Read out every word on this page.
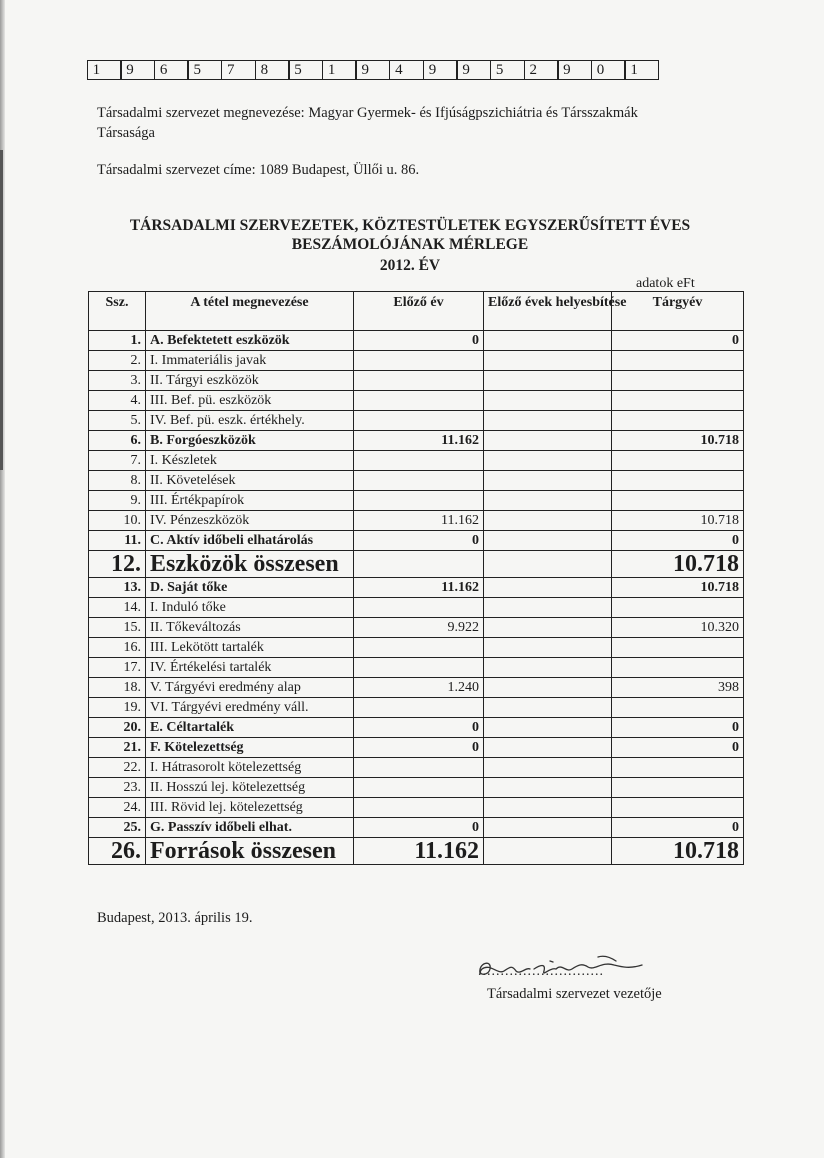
1	9	6	5	7	8	5	1	9	4	9	9	5	2	9	0	1
Társadalmi szervezet megnevezése: Magyar Gyermek- és Ifjúságpszichiátria és Társszakmák
Társasága
Társadalmi szervezet címe: 1089 Budapest, Üllői u. 86.
TÁRSADALMI SZERVEZETEK, KÖZTESTÜLETEK EGYSZERŰSÍTETT ÉVES
BESZÁMOLÓJÁNAK MÉRLEGE
2012. ÉV
adatok eFt
Ssz.	A tétel megnevezése	Előző év	Előző évek helyesbítése	Tárgyév
1.	A. Befektetett eszközök	0		0
2.	I. Immateriális javak			
3.	II. Tárgyi eszközök			
4.	III. Bef. pü. eszközök			
5.	IV. Bef. pü. eszk. értékhely.			
6.	B. Forgóeszközök	11.162		10.718
7.	I. Készletek			
8.	II. Követelések			
9.	III. Értékpapírok			
10.	IV. Pénzeszközök	11.162		10.718
11.	C. Aktív időbeli elhatárolás	0		0
12.	Eszközök összesen			10.718
13.	D. Saját tőke	11.162		10.718
14.	I. Induló tőke			
15.	II. Tőkeváltozás	9.922		10.320
16.	III. Lekötött tartalék			
17.	IV. Értékelési tartalék			
18.	V. Tárgyévi eredmény alap	1.240		398
19.	VI. Tárgyévi eredmény váll.			
20.	E. Céltartalék	0		0
21.	F. Kötelezettség	0		0
22.	I. Hátrasorolt kötelezettség			
23.	II. Hosszú lej. kötelezettség			
24.	III. Rövid lej. kötelezettség			
25.	G. Passzív időbeli elhat.	0		0
26.	Források összesen	11.162		10.718
Budapest, 2013. április 19.
............................
Társadalmi szervezet vezetője
